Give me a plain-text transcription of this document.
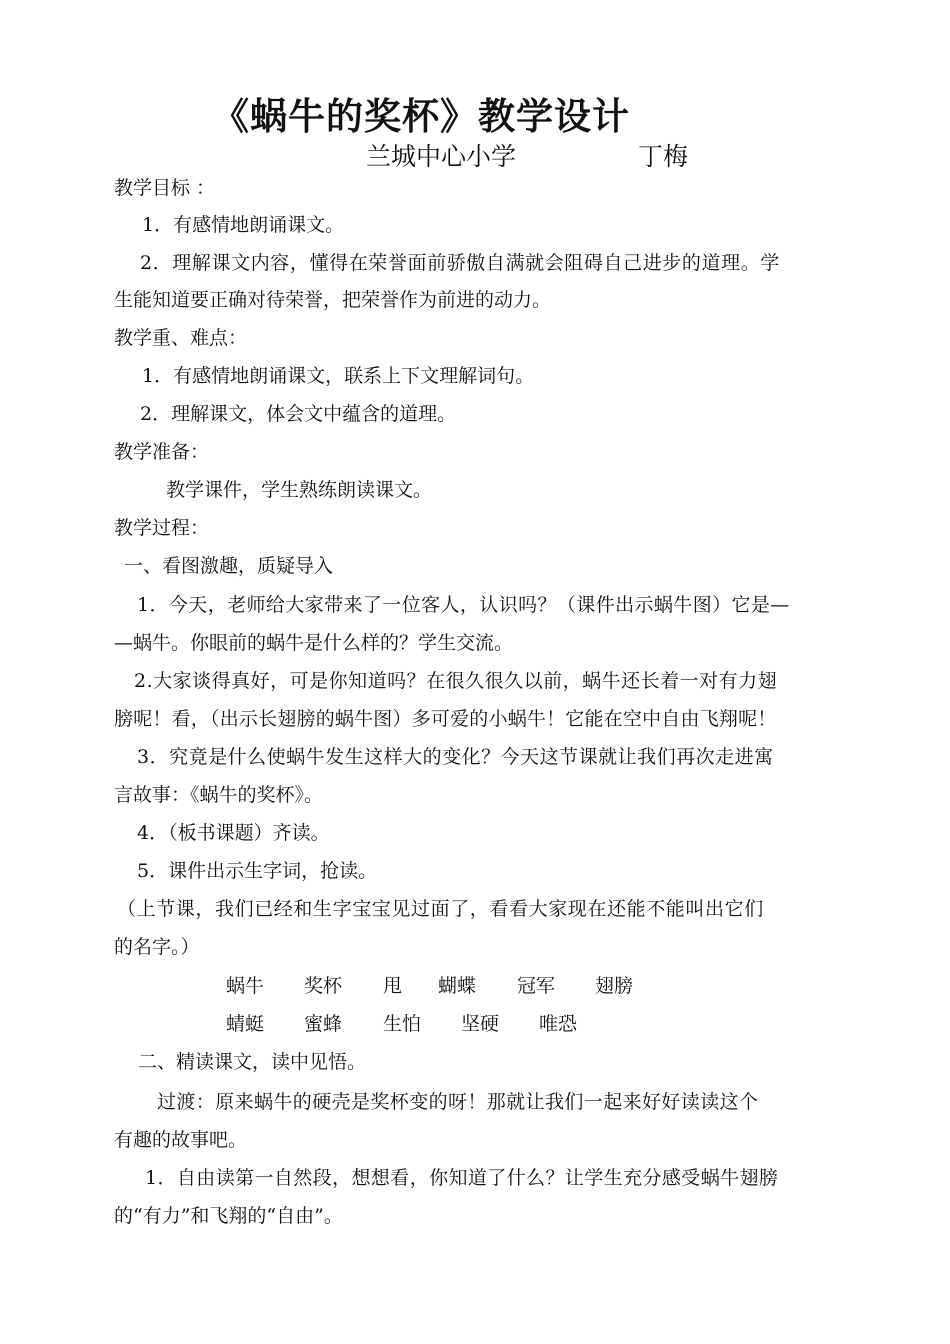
《蜗牛的奖杯》教学设计
兰城中心小学	丁梅
教学目标 ：
1．有感情地朗诵课文。
2．理解课文内容，懂得在荣誉面前骄傲自满就会阻碍自己进步的道理。学
生能知道要正确对待荣誉，把荣誉作为前进的动力。
教学重、难点：
1．有感情地朗诵课文，联系上下文理解词句。
2．理解课文，体会文中蕴含的道理。
教学准备：
教学课件，学生熟练朗读课文。
教学过程：
一、看图激趣，质疑导入
1．今天，老师给大家带来了一位客人，认识吗？（课件出示蜗牛图）它是—
—蜗牛。你眼前的蜗牛是什么样的？学生交流。
2.大家谈得真好，可是你知道吗？在很久很久以前，蜗牛还长着一对有力翅
膀呢！看，（出示长翅膀的蜗牛图）多可爱的小蜗牛！它能在空中自由飞翔呢！
3．究竟是什么使蜗牛发生这样大的变化？今天这节课就让我们再次走进寓
言故事：《蜗牛的奖杯》。
4．（板书课题）齐读。
5．课件出示生字词，抢读。
（上节课，我们已经和生字宝宝见过面了，看看大家现在还能不能叫出它们
的名字。）
蜗牛 奖杯 甩 蝴蝶 冠军 翅膀
蜻蜓 蜜蜂 生怕 坚硬 唯恐
二、精读课文，读中见悟。
过渡：原来蜗牛的硬壳是奖杯变的呀！那就让我们一起来好好读读这个
有趣的故事吧。
1．自由读第一自然段，想想看，你知道了什么？让学生充分感受蜗牛翅膀
的“有力”和飞翔的“自由”。
